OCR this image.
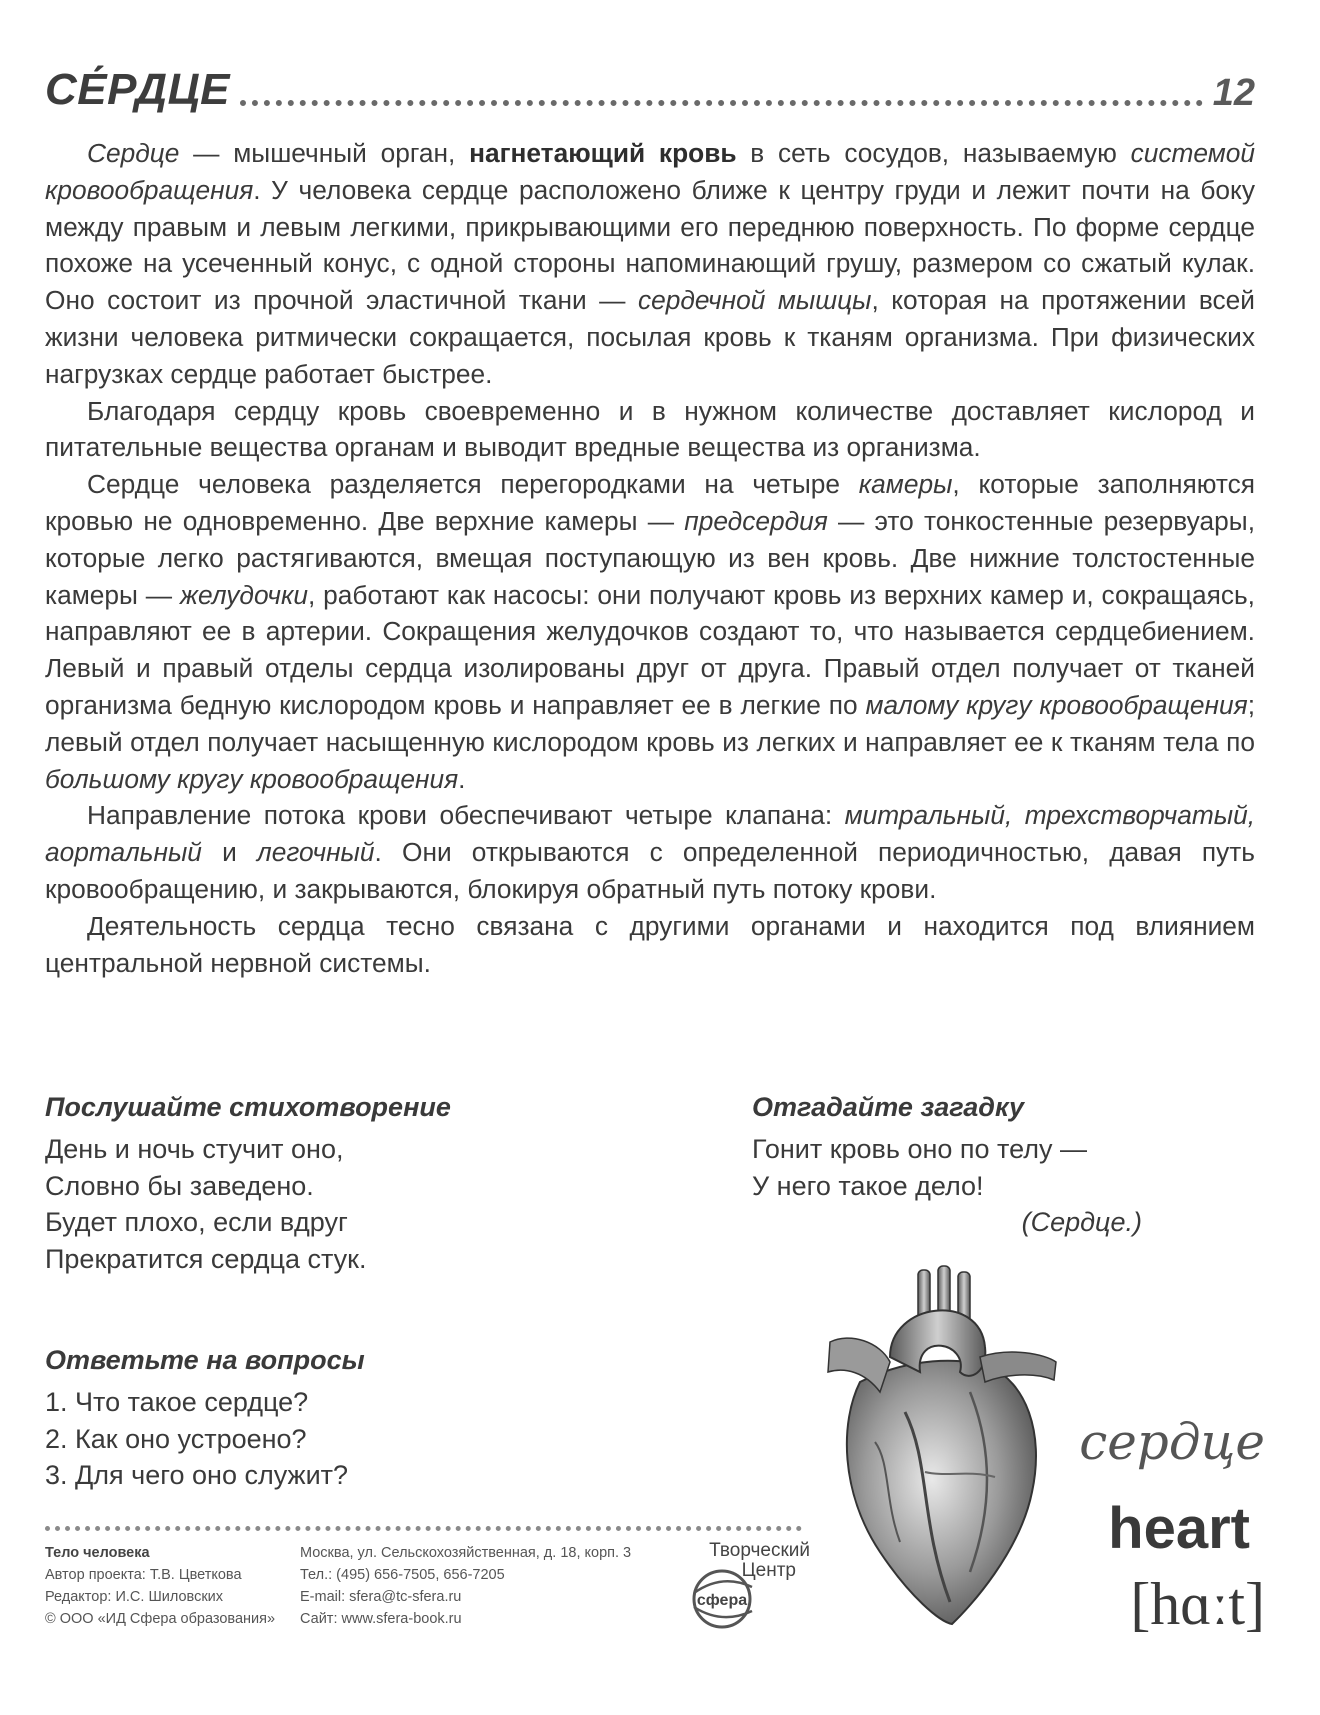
СЕ́РДЦЕ	12

Сердце — мышечный орган, нагнетающий кровь в сеть сосудов, называемую системой кровообращения. У человека сердце расположено ближе к центру груди и лежит почти на боку между правым и левым легкими, прикрывающими его переднюю поверхность. По форме сердце похоже на усеченный конус, с одной стороны напоминающий грушу, размером со сжатый кулак. Оно состоит из прочной эластичной ткани — сердечной мышцы, которая на протяжении всей жизни человека ритмически сокращается, посылая кровь к тканям организма. При физических нагрузках сердце работает быстрее.

Благодаря сердцу кровь своевременно и в нужном количестве доставляет кислород и питательные вещества органам и выводит вредные вещества из организма.

Сердце человека разделяется перегородками на четыре камеры, которые заполняются кровью не одновременно. Две верхние камеры — предсердия — это тонкостенные резервуары, которые легко растягиваются, вмещая поступающую из вен кровь. Две нижние толстостенные камеры — желудочки, работают как насосы: они получают кровь из верхних камер и, сокращаясь, направляют ее в артерии. Сокращения желудочков создают то, что называется сердцебиением. Левый и правый отделы сердца изолированы друг от друга. Правый отдел получает от тканей организма бедную кислородом кровь и направляет ее в легкие по малому кругу кровообращения; левый отдел получает насыщенную кислородом кровь из легких и направляет ее к тканям тела по большому кругу кровообращения.

Направление потока крови обеспечивают четыре клапана: митральный, трехстворчатый, аортальный и легочный. Они открываются с определенной периодичностью, давая путь кровообращению, и закрываются, блокируя обратный путь потоку крови.

Деятельность сердца тесно связана с другими органами и находится под влиянием центральной нервной системы.

Послушайте стихотворение
День и ночь стучит оно,
Словно бы заведено.
Будет плохо, если вдруг
Прекратится сердца стук.
Отгадайте загадку
Гонит кровь оно по телу —
У него такое дело!
(Сердце.)
Ответьте на вопросы
1. Что такое сердце?
2. Как оно устроено?
3. Для чего оно служит?
Тело человека
Автор проекта: Т.В. Цветкова
Редактор: И.С. Шиловских
© ООО «ИД Сфера образования»
Москва, ул. Сельскохозяйственная, д. 18, корп. 3
Тел.: (495) 656-7505, 656-7205
E-mail: sfera@tc-sfera.ru
Сайт: www.sfera-book.ru
Творческий
Центр
сфера
сердце
heart
[hɑːt]
